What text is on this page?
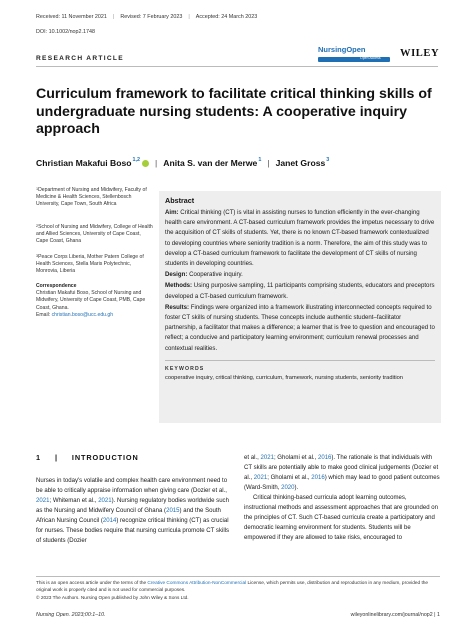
Received: 11 November 2021 | Revised: 7 February 2023 | Accepted: 24 March 2023
DOI: 10.1002/nop2.1748
NursingOpen
Open Access WILEY
RESEARCH ARTICLE
Curriculum framework to facilitate critical thinking skills of undergraduate nursing students: A cooperative inquiry approach
Christian Makafui Boso$^{1,2}$ | Anita S. van der Merwe$^1$ | Janet Gross$^3$
$^1$Department of Nursing and Midwifery, Faculty of Medicine & Health Sciences, Stellenbosch University, Cape Town, South Africa
$^2$School of Nursing and Midwifery, College of Health and Allied Sciences, University of Cape Coast, Cape Coast, Ghana
$^3$Peace Corps Liberia, Mother Patern College of Health Sciences, Stella Maris Polytechnic, Monrovia, Liberia
Correspondence
Christian Makafui Boso, School of Nursing and Midwifery, University of Cape Coast, PMB, Cape Coast, Ghana.
Email: christian.boso@ucc.edu.gh
Abstract

Aim: Critical thinking (CT) is vital in assisting nurses to function efficiently in the ever-changing health care environment. A CT-based curriculum framework provides the impetus necessary to drive the acquisition of CT skills of students. Yet, there is no known CT-based framework contextualized to developing countries where seniority tradition is a norm. Therefore, the aim of this study was to develop a CT-based curriculum framework to facilitate the development of CT skills of nursing students in developing countries.

Design: Cooperative inquiry.

Methods: Using purposive sampling, 11 participants comprising students, educators and preceptors developed a CT-based curriculum framework.

Results: Findings were organized into a framework illustrating interconnected concepts required to foster CT skills of nursing students. These concepts include authentic student–facilitator partnership, a facilitator that makes a difference; a learner that is free to question and encouraged to reflect; a conducive and participatory learning environment; curriculum renewal processes and contextual realities.

KEYWORDS
cooperative inquiry, critical thinking, curriculum, framework, nursing students, seniority tradition
1 | INTRODUCTION

Nurses in today's volatile and complex health care environment need to be able to critically appraise information when giving care (Dozier et al., 2021; Whiteman et al., 2021). Nursing regulatory bodies worldwide such as the Nursing and Midwifery Council of Ghana (2015) and the South African Nursing Council (2014) recognize critical thinking (CT) as crucial for nurses. These bodies require that nursing curricula promote CT skills of students (Dozier

et al., 2021; Gholami et al., 2016). The rationale is that individuals with CT skills are potentially able to make good clinical judgements (Dozier et al., 2021; Gholami et al., 2016) which may lead to good patient outcomes (Ward-Smith, 2020).

Critical thinking-based curricula adopt learning outcomes, instructional methods and assessment approaches that are grounded on the principles of CT. Such CT-based curricula create a participatory and democratic learning environment for students. Students will be empowered if they are allowed to take risks, encouraged to

This is an open access article under the terms of the Creative Commons Attribution-NonCommercial License, which permits use, distribution and reproduction in any medium, provided the original work is properly cited and is not used for commercial purposes.
© 2023 The Authors. Nursing Open published by John Wiley & Sons Ltd.
Nursing Open. 2023;00:1–10.	wileyonlinelibrary.com/journal/nop2 | 1
